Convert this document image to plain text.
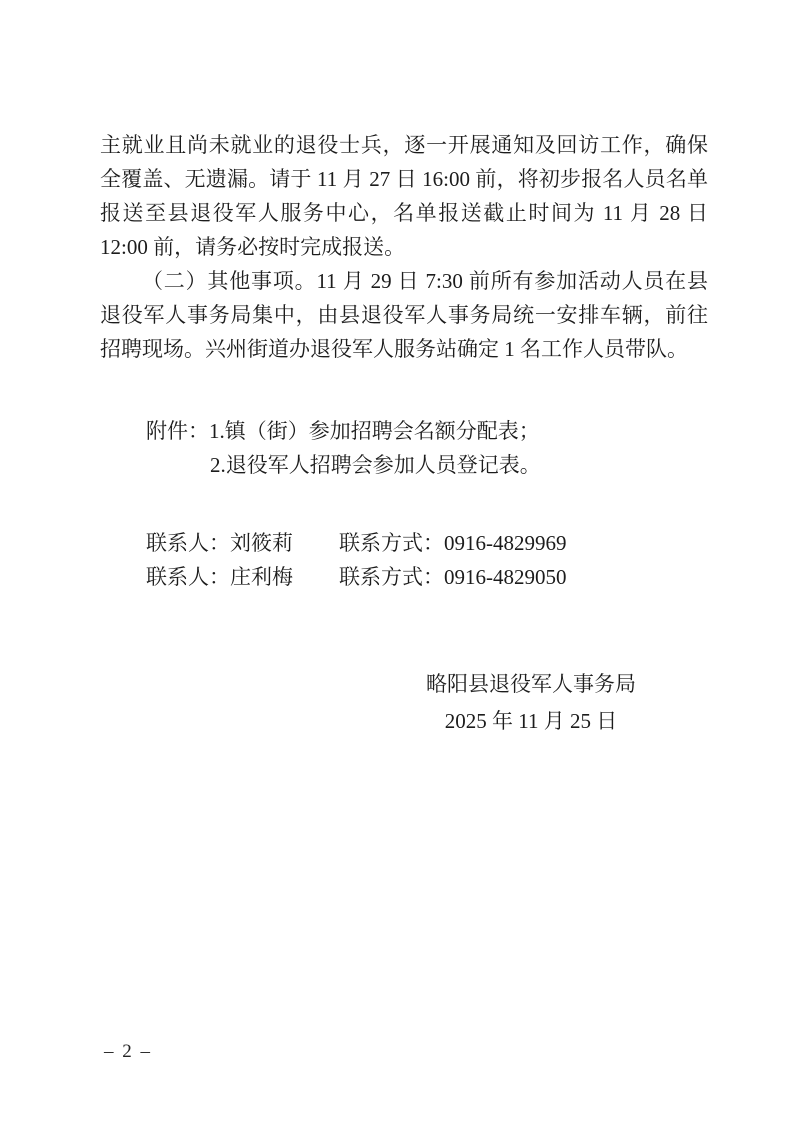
主就业且尚未就业的退役士兵，逐一开展通知及回访工作，确保全覆盖、无遗漏。请于 11 月 27 日 16:00 前，将初步报名人员名单报送至县退役军人服务中心，名单报送截止时间为 11 月 28 日 12:00 前，请务必按时完成报送。

（二）其他事项。11 月 29 日 7:30 前所有参加活动人员在县退役军人事务局集中，由县退役军人事务局统一安排车辆，前往招聘现场。兴州街道办退役军人服务站确定 1 名工作人员带队。

附件：1.镇（街）参加招聘会名额分配表；
2.退役军人招聘会参加人员登记表。
联系人：刘筱莉 联系方式：0916-4829969
联系人：庄利梅 联系方式：0916-4829050
略阳县退役军人事务局
2025 年 11 月 25 日
– 2 –
